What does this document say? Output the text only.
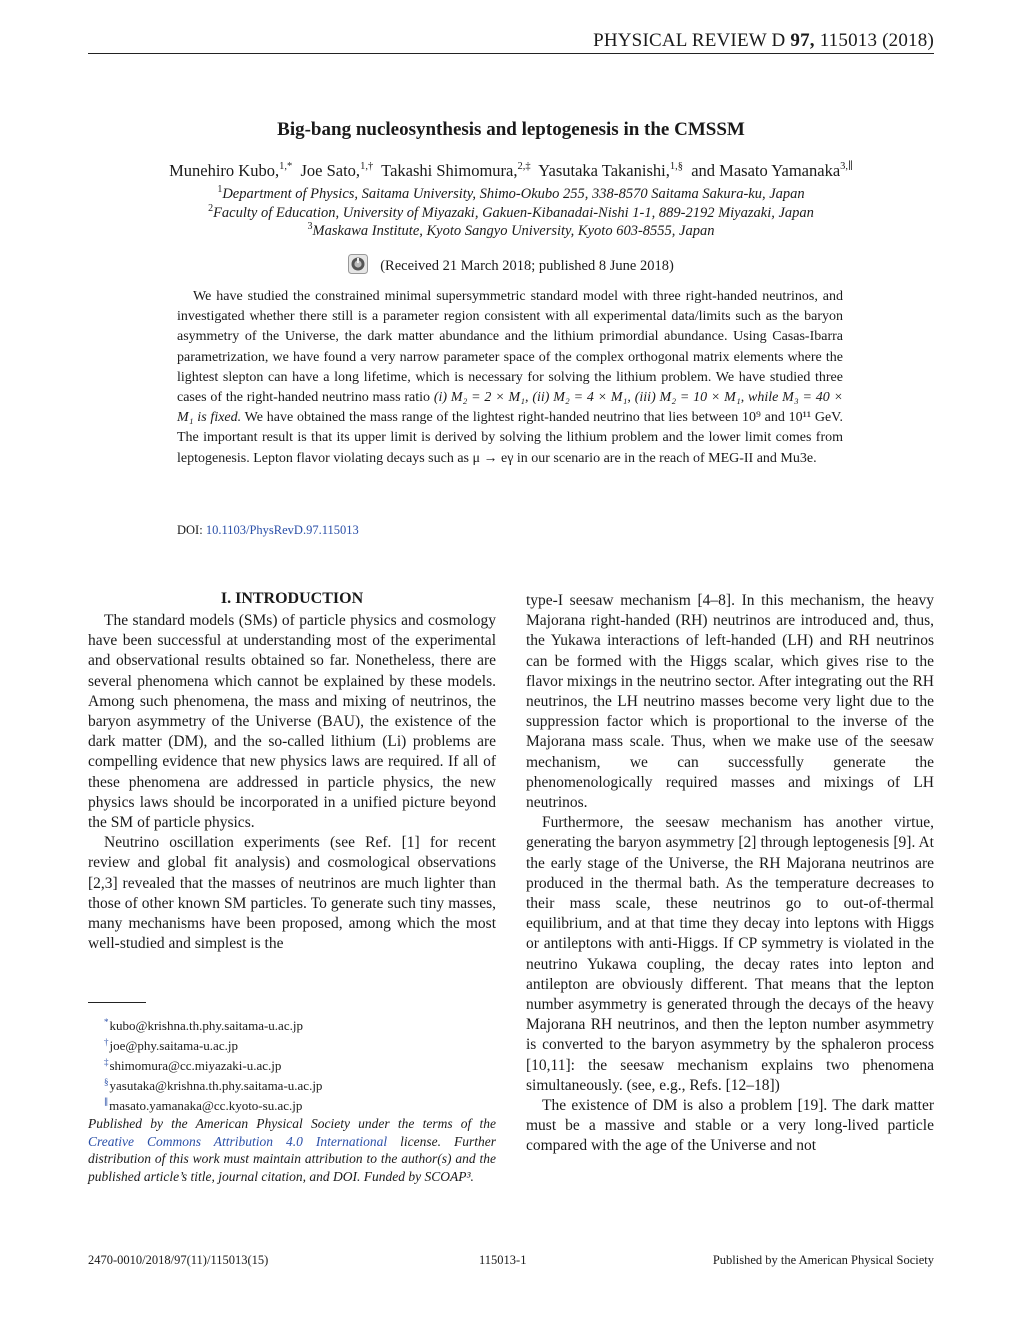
PHYSICAL REVIEW D 97, 115013 (2018)
Big-bang nucleosynthesis and leptogenesis in the CMSSM
Munehiro Kubo,$^{1,*}$ Joe Sato,$^{1,\dagger}$ Takashi Shimomura,$^{2,\ddagger}$ Yasutaka Takanishi,$^{1,\S}$ and Masato Yamanaka$^{3,\parallel}$
$^1$Department of Physics, Saitama University, Shimo-Okubo 255, 338-8570 Saitama Sakura-ku, Japan
$^2$Faculty of Education, University of Miyazaki, Gakuen-Kibanadai-Nishi 1-1, 889-2192 Miyazaki, Japan
$^3$Maskawa Institute, Kyoto Sangyo University, Kyoto 603-8555, Japan
(Received 21 March 2018; published 8 June 2018)

We have studied the constrained minimal supersymmetric standard model with three right-handed neutrinos, and investigated whether there still is a parameter region consistent with all experimental data/limits such as the baryon asymmetry of the Universe, the dark matter abundance and the lithium primordial abundance. Using Casas-Ibarra parametrization, we have found a very narrow parameter space of the complex orthogonal matrix elements where the lightest slepton can have a long lifetime, which is necessary for solving the lithium problem. We have studied three cases of the right-handed neutrino mass ratio (i) M₂ = 2 × M₁, (ii) M₂ = 4 × M₁, (iii) M₂ = 10 × M₁, while M₃ = 40 × M₁ is fixed. We have obtained the mass range of the lightest right-handed neutrino that lies between 10⁹ and 10¹¹ GeV. The important result is that its upper limit is derived by solving the lithium problem and the lower limit comes from leptogenesis. Lepton flavor violating decays such as μ → eγ in our scenario are in the reach of MEG-II and Mu3e.

DOI: 10.1103/PhysRevD.97.115013
I. INTRODUCTION

The standard models (SMs) of particle physics and cosmology have been successful at understanding most of the experimental and observational results obtained so far. Nonetheless, there are several phenomena which cannot be explained by these models. Among such phenomena, the mass and mixing of neutrinos, the baryon asymmetry of the Universe (BAU), the existence of the dark matter (DM), and the so-called lithium (Li) problems are compelling evidence that new physics laws are required. If all of these phenomena are addressed in particle physics, the new physics laws should be incorporated in a unified picture beyond the SM of particle physics.

Neutrino oscillation experiments (see Ref. [1] for recent review and global fit analysis) and cosmological observations [2,3] revealed that the masses of neutrinos are much lighter than those of other known SM particles. To generate such tiny masses, many mechanisms have been proposed, among which the most well-studied and simplest is the

type-I seesaw mechanism [4–8]. In this mechanism, the heavy Majorana right-handed (RH) neutrinos are introduced and, thus, the Yukawa interactions of left-handed (LH) and RH neutrinos can be formed with the Higgs scalar, which gives rise to the flavor mixings in the neutrino sector. After integrating out the RH neutrinos, the LH neutrino masses become very light due to the suppression factor which is proportional to the inverse of the Majorana mass scale. Thus, when we make use of the seesaw mechanism, we can successfully generate the phenomenologically required masses and mixings of LH neutrinos.

Furthermore, the seesaw mechanism has another virtue, generating the baryon asymmetry [2] through leptogenesis [9]. At the early stage of the Universe, the RH Majorana neutrinos are produced in the thermal bath. As the temperature decreases to their mass scale, these neutrinos go to out-of-thermal equilibrium, and at that time they decay into leptons with Higgs or antileptons with anti-Higgs. If CP symmetry is violated in the neutrino Yukawa coupling, the decay rates into lepton and antilepton are obviously different. That means that the lepton number asymmetry is generated through the decays of the heavy Majorana RH neutrinos, and then the lepton number asymmetry is converted to the baryon asymmetry by the sphaleron process [10,11]: the seesaw mechanism explains two phenomena simultaneously. (see, e.g., Refs. [12–18])

The existence of DM is also a problem [19]. The dark matter must be a massive and stable or a very long-lived particle compared with the age of the Universe and not

*kubo@krishna.th.phy.saitama-u.ac.jp
†joe@phy.saitama-u.ac.jp
‡shimomura@cc.miyazaki-u.ac.jp
§yasutaka@krishna.th.phy.saitama-u.ac.jp
∥masato.yamanaka@cc.kyoto-su.ac.jp
Published by the American Physical Society under the terms of the Creative Commons Attribution 4.0 International license. Further distribution of this work must maintain attribution to the author(s) and the published article’s title, journal citation, and DOI. Funded by SCOAP³.
2470-0010/2018/97(11)/115013(15)	115013-1	Published by the American Physical Society
